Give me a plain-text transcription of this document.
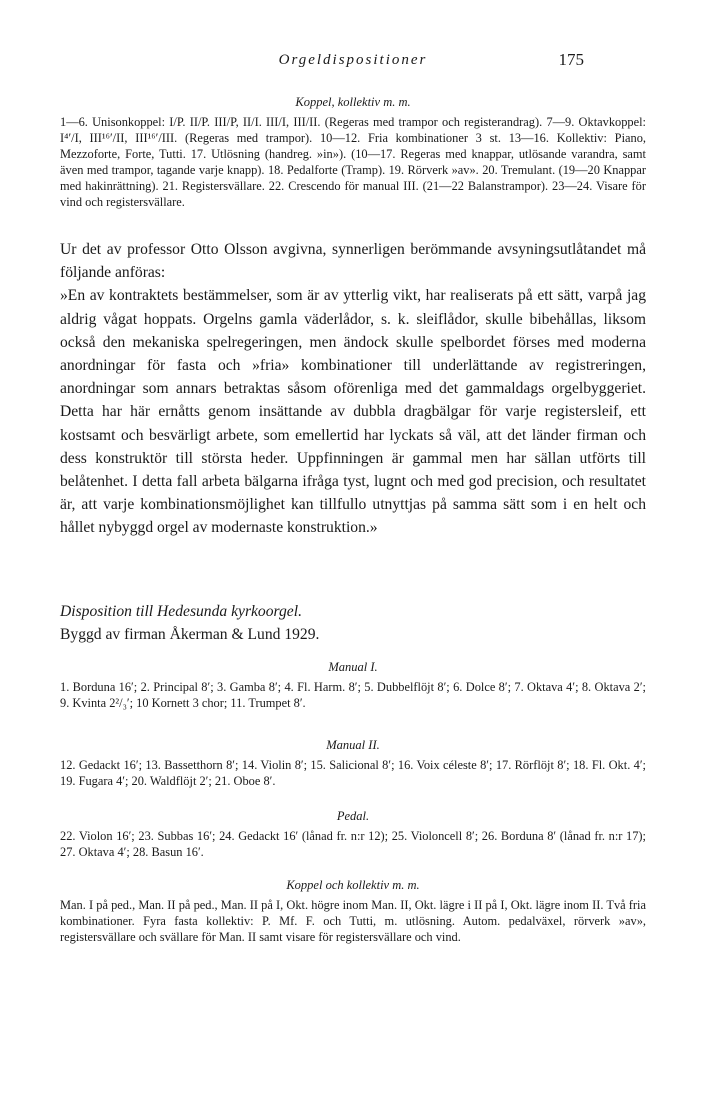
Orgeldispositioner	175
Koppel, kollektiv m. m.

1—6. Unisonkoppel: I/P. II/P. III/P, II/I. III/I, III/II. (Regeras med trampor och registerandrag). 7—9. Oktavkoppel: I⁴′/I, III¹⁶′/II, III¹⁶′/III. (Regeras med trampor). 10—12. Fria kombinationer 3 st. 13—16. Kollektiv: Piano, Mezzoforte, Forte, Tutti. 17. Utlösning (handreg. »in»). (10—17. Regeras med knappar, utlösande varandra, samt även med trampor, tagande varje knapp). 18. Pedalforte (Tramp). 19. Rörverk »av». 20. Tremulant. (19—20 Knappar med hakinrättning). 21. Registersvällare. 22. Crescendo för manual III. (21—22 Balanstrampor). 23—24. Visare för vind och registersvällare.

Ur det av professor Otto Olsson avgivna, synnerligen berömmande avsyningsutlåtandet må följande anföras:

»En av kontraktets bestämmelser, som är av ytterlig vikt, har realiserats på ett sätt, varpå jag aldrig vågat hoppats. Orgelns gamla väderlådor, s. k. sleiflådor, skulle bibehållas, liksom också den mekaniska spelregeringen, men ändock skulle spelbordet förses med moderna anordningar för fasta och »fria» kombinationer till underlättande av registreringen, anordningar som annars betraktas såsom oförenliga med det gammaldags orgelbyggeriet. Detta har här ernåtts genom insättande av dubbla dragbälgar för varje registersleif, ett kostsamt och besvärligt arbete, som emellertid har lyckats så väl, att det länder firman och dess konstruktör till största heder. Uppfinningen är gammal men har sällan utförts till belåtenhet. I detta fall arbeta bälgarna ifråga tyst, lugnt och med god precision, och resultatet är, att varje kombinationsmöjlighet kan tillfullo utnyttjas på samma sätt som i en helt och hållet nybyggd orgel av modernaste konstruktion.»

Disposition till Hedesunda kyrkoorgel.

Byggd av firman Åkerman & Lund 1929.

Manual I.

1. Borduna 16′; 2. Principal 8′; 3. Gamba 8′; 4. Fl. Harm. 8′; 5. Dubbelflöjt 8′; 6. Dolce 8′; 7. Oktava 4′; 8. Oktava 2′; 9. Kvinta 2²/₃′; 10 Kornett 3 chor; 11. Trumpet 8′.

Manual II.

12. Gedackt 16′; 13. Bassetthorn 8′; 14. Violin 8′; 15. Salicional 8′; 16. Voix céleste 8′; 17. Rörflöjt 8′; 18. Fl. Okt. 4′; 19. Fugara 4′; 20. Waldflöjt 2′; 21. Oboe 8′.

Pedal.

22. Violon 16′; 23. Subbas 16′; 24. Gedackt 16′ (lånad fr. n:r 12); 25. Violoncell 8′; 26. Borduna 8′ (lånad fr. n:r 17); 27. Oktava 4′; 28. Basun 16′.

Koppel och kollektiv m. m.

Man. I på ped., Man. II på ped., Man. II på I, Okt. högre inom Man. II, Okt. lägre i II på I, Okt. lägre inom II. Två fria kombinationer. Fyra fasta kollektiv: P. Mf. F. och Tutti, m. utlösning. Autom. pedalväxel, rörverk »av», registersvällare och svällare för Man. II samt visare för registersvällare och vind.
